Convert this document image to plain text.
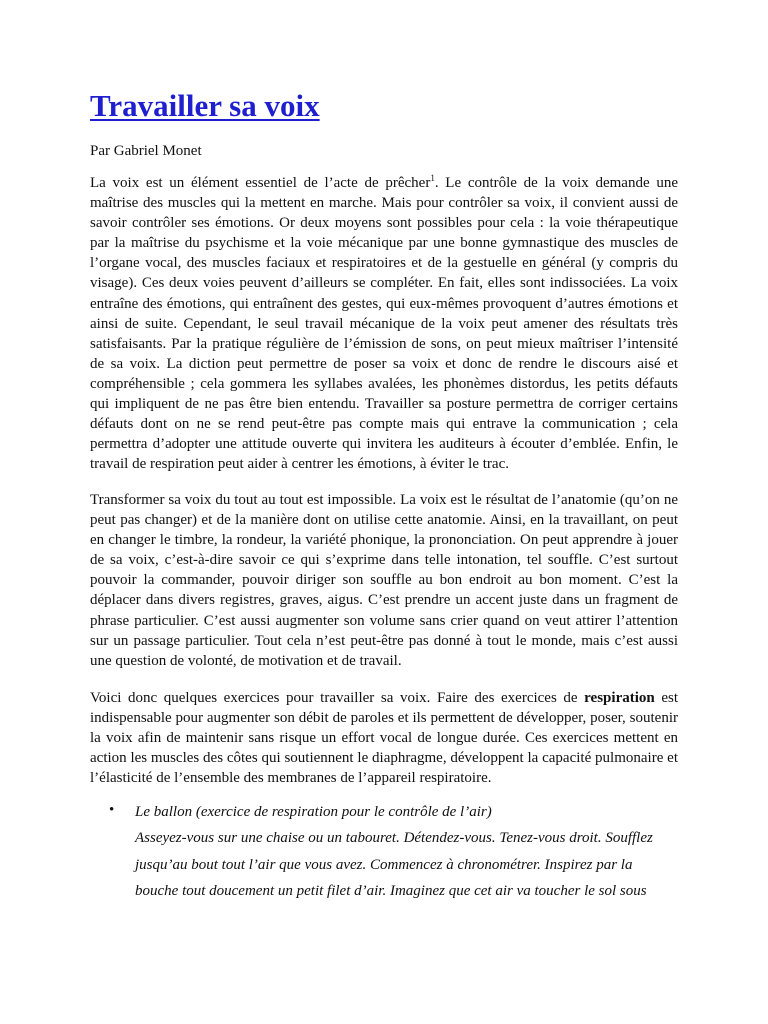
Travailler sa voix

Par Gabriel Monet

La voix est un élément essentiel de l’acte de prêcher$^1$. Le contrôle de la voix demande une maîtrise des muscles qui la mettent en marche. Mais pour contrôler sa voix, il convient aussi de savoir contrôler ses émotions. Or deux moyens sont possibles pour cela : la voie thérapeutique par la maîtrise du psychisme et la voie mécanique par une bonne gymnastique des muscles de l’organe vocal, des muscles faciaux et respiratoires et de la gestuelle en général (y compris du visage). Ces deux voies peuvent d’ailleurs se compléter. En fait, elles sont indissociées. La voix entraîne des émotions, qui entraînent des gestes, qui eux-mêmes provoquent d’autres émotions et ainsi de suite. Cependant, le seul travail mécanique de la voix peut amener des résultats très satisfaisants. Par la pratique régulière de l’émission de sons, on peut mieux maîtriser l’intensité de sa voix. La diction peut permettre de poser sa voix et donc de rendre le discours aisé et compréhensible ; cela gommera les syllabes avalées, les phonèmes distordus, les petits défauts qui impliquent de ne pas être bien entendu. Travailler sa posture permettra de corriger certains défauts dont on ne se rend peut-être pas compte mais qui entrave la communication ; cela permettra d’adopter une attitude ouverte qui invitera les auditeurs à écouter d’emblée. Enfin, le travail de respiration peut aider à centrer les émotions, à éviter le trac.

Transformer sa voix du tout au tout est impossible. La voix est le résultat de l’anatomie (qu’on ne peut pas changer) et de la manière dont on utilise cette anatomie. Ainsi, en la travaillant, on peut en changer le timbre, la rondeur, la variété phonique, la prononciation. On peut apprendre à jouer de sa voix, c’est-à-dire savoir ce qui s’exprime dans telle intonation, tel souffle. C’est surtout pouvoir la commander, pouvoir diriger son souffle au bon endroit au bon moment. C’est la déplacer dans divers registres, graves, aigus. C’est prendre un accent juste dans un fragment de phrase particulier. C’est aussi augmenter son volume sans crier quand on veut attirer l’attention sur un passage particulier. Tout cela n’est peut-être pas donné à tout le monde, mais c’est aussi une question de volonté, de motivation et de travail.

Voici donc quelques exercices pour travailler sa voix. Faire des exercices de respiration est indispensable pour augmenter son débit de paroles et ils permettent de développer, poser, soutenir la voix afin de maintenir sans risque un effort vocal de longue durée. Ces exercices mettent en action les muscles des côtes qui soutiennent le diaphragme, développent la capacité pulmonaire et l’élasticité de l’ensemble des membranes de l’appareil respiratoire.

• Le ballon (exercice de respiration pour le contrôle de l’air)
Asseyez-vous sur une chaise ou un tabouret. Détendez-vous. Tenez-vous droit. Soufflez jusqu’au bout tout l’air que vous avez. Commencez à chronométrer. Inspirez par la bouche tout doucement un petit filet d’air. Imaginez que cet air va toucher le sol sous
